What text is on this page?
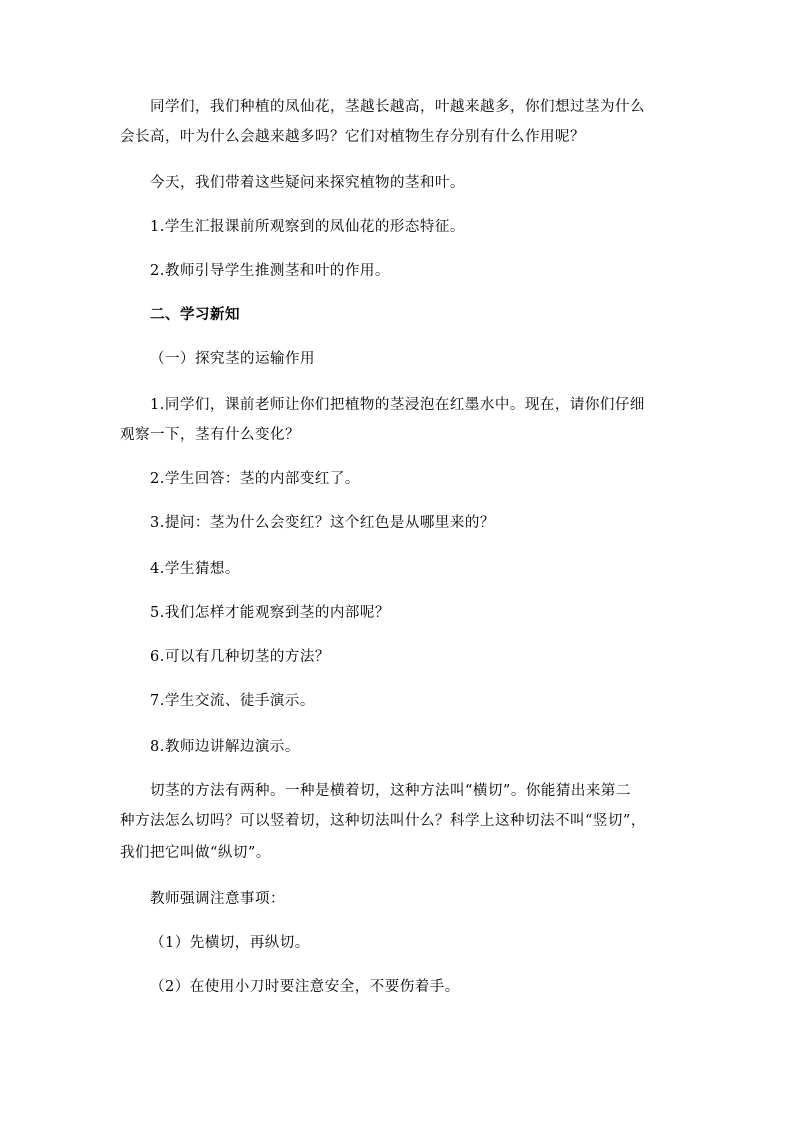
同学们，我们种植的凤仙花，茎越长越高，叶越来越多，你们想过茎为什么
会长高，叶为什么会越来越多吗？它们对植物生存分别有什么作用呢？
今天，我们带着这些疑问来探究植物的茎和叶。
1.学生汇报课前所观察到的凤仙花的形态特征。
2.教师引导学生推测茎和叶的作用。
二、学习新知
（一）探究茎的运输作用
1.同学们，课前老师让你们把植物的茎浸泡在红墨水中。现在，请你们仔细
观察一下，茎有什么变化？
2.学生回答：茎的内部变红了。
3.提问：茎为什么会变红？这个红色是从哪里来的？
4.学生猜想。
5.我们怎样才能观察到茎的内部呢？
6.可以有几种切茎的方法？
7.学生交流、徒手演示。
8.教师边讲解边演示。
切茎的方法有两种。一种是横着切，这种方法叫“横切”。你能猜出来第二
种方法怎么切吗？可以竖着切，这种切法叫什么？科学上这种切法不叫“竖切”，
我们把它叫做“纵切”。
教师强调注意事项：
（1）先横切，再纵切。
（2）在使用小刀时要注意安全，不要伤着手。
